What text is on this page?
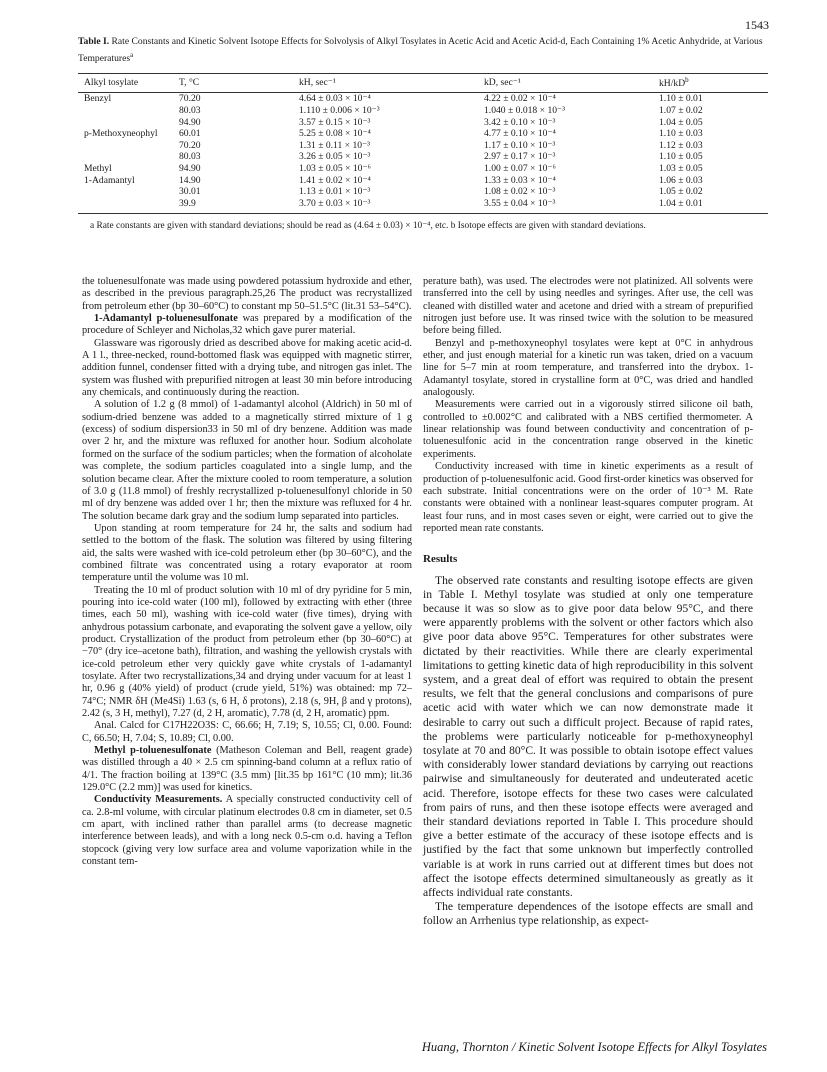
1543
Table I. Rate Constants and Kinetic Solvent Isotope Effects for Solvolysis of Alkyl Tosylates in Acetic Acid and Acetic Acid-d, Each Containing 1% Acetic Anhydride, at Various Temperatures$^a$
Alkyl tosylate	T, °C	kH, sec⁻¹	kD, sec⁻¹	$kH/kD^b$
Benzyl	70.20	4.64 ± 0.03 × 10⁻⁴	4.22 ± 0.02 × 10⁻⁴	1.10 ± 0.01
	80.03	1.110 ± 0.006 × 10⁻³	1.040 ± 0.018 × 10⁻³	1.07 ± 0.02
	94.90	3.57 ± 0.15 × 10⁻³	3.42 ± 0.10 × 10⁻³	1.04 ± 0.05
p-Methoxyneophyl	60.01	5.25 ± 0.08 × 10⁻⁴	4.77 ± 0.10 × 10⁻⁴	1.10 ± 0.03
	70.20	1.31 ± 0.11 × 10⁻³	1.17 ± 0.10 × 10⁻³	1.12 ± 0.03
	80.03	3.26 ± 0.05 × 10⁻³	2.97 ± 0.17 × 10⁻³	1.10 ± 0.05
Methyl	94.90	1.03 ± 0.05 × 10⁻⁶	1.00 ± 0.07 × 10⁻⁶	1.03 ± 0.05
1-Adamantyl	14.90	1.41 ± 0.02 × 10⁻⁴	1.33 ± 0.03 × 10⁻⁴	1.06 ± 0.03
	30.01	1.13 ± 0.01 × 10⁻³	1.08 ± 0.02 × 10⁻³	1.05 ± 0.02
	39.9	3.70 ± 0.03 × 10⁻³	3.55 ± 0.04 × 10⁻³	1.04 ± 0.01
a Rate constants are given with standard deviations; should be read as (4.64 ± 0.03) × 10⁻⁴, etc. b Isotope effects are given with standard deviations.

the toluenesulfonate was made using powdered potassium hydroxide and ether, as described in the previous paragraph.25,26 The product was recrystallized from petroleum ether (bp 30–60°C) to constant mp 50–51.5°C (lit.31 53–54°C).

1-Adamantyl p-toluenesulfonate was prepared by a modification of the procedure of Schleyer and Nicholas,32 which gave purer material.

Glassware was rigorously dried as described above for making acetic acid-d. A 1 l., three-necked, round-bottomed flask was equipped with magnetic stirrer, addition funnel, condenser fitted with a drying tube, and nitrogen gas inlet. The system was flushed with prepurified nitrogen at least 30 min before introducing any chemicals, and continuously during the reaction.

A solution of 1.2 g (8 mmol) of 1-adamantyl alcohol (Aldrich) in 50 ml of sodium-dried benzene was added to a magnetically stirred mixture of 1 g (excess) of sodium dispersion33 in 50 ml of dry benzene. Addition was made over 2 hr, and the mixture was refluxed for another hour. Sodium alcoholate formed on the surface of the sodium particles; when the formation of alcoholate was complete, the sodium particles coagulated into a single lump, and the solution became clear. After the mixture cooled to room temperature, a solution of 3.0 g (11.8 mmol) of freshly recrystallized p-toluenesulfonyl chloride in 50 ml of dry benzene was added over 1 hr; then the mixture was refluxed for 4 hr. The solution became dark gray and the sodium lump separated into particles.

Upon standing at room temperature for 24 hr, the salts and sodium had settled to the bottom of the flask. The solution was filtered by using filtering aid, the salts were washed with ice-cold petroleum ether (bp 30–60°C), and the combined filtrate was concentrated using a rotary evaporator at room temperature until the volume was 10 ml.

Treating the 10 ml of product solution with 10 ml of dry pyridine for 5 min, pouring into ice-cold water (100 ml), followed by extracting with ether (three times, each 50 ml), washing with ice-cold water (five times), drying with anhydrous potassium carbonate, and evaporating the solvent gave a yellow, oily product. Crystallization of the product from petroleum ether (bp 30–60°C) at −70° (dry ice–acetone bath), filtration, and washing the yellowish crystals with ice-cold petroleum ether very quickly gave white crystals of 1-adamantyl tosylate. After two recrystallizations,34 and drying under vacuum for at least 1 hr, 0.96 g (40% yield) of product (crude yield, 51%) was obtained: mp 72–74°C; NMR δH (Me4Si) 1.63 (s, 6 H, δ protons), 2.18 (s, 9H, β and γ protons), 2.42 (s, 3 H, methyl), 7.27 (d, 2 H, aromatic), 7.78 (d, 2 H, aromatic) ppm.

Anal. Calcd for C17H22O3S: C, 66.66; H, 7.19; S, 10.55; Cl, 0.00. Found: C, 66.50; H, 7.04; S, 10.89; Cl, 0.00.

Methyl p-toluenesulfonate (Matheson Coleman and Bell, reagent grade) was distilled through a 40 × 2.5 cm spinning-band column at a reflux ratio of 4/1. The fraction boiling at 139°C (3.5 mm) [lit.35 bp 161°C (10 mm); lit.36 129.0°C (2.2 mm)] was used for kinetics.

Conductivity Measurements. A specially constructed conductivity cell of ca. 2.8-ml volume, with circular platinum electrodes 0.8 cm in diameter, set 0.5 cm apart, with inclined rather than parallel arms (to decrease magnetic interference between leads), and with a long neck 0.5-cm o.d. having a Teflon stopcock (giving very low surface area and volume vaporization while in the constant tem-

perature bath), was used. The electrodes were not platinized. All solvents were transferred into the cell by using needles and syringes. After use, the cell was cleaned with distilled water and acetone and dried with a stream of prepurified nitrogen just before use. It was rinsed twice with the solution to be measured before being filled.

Benzyl and p-methoxyneophyl tosylates were kept at 0°C in anhydrous ether, and just enough material for a kinetic run was taken, dried on a vacuum line for 5–7 min at room temperature, and transferred into the drybox. 1-Adamantyl tosylate, stored in crystalline form at 0°C, was dried and handled analogously.

Measurements were carried out in a vigorously stirred silicone oil bath, controlled to ±0.002°C and calibrated with a NBS certified thermometer. A linear relationship was found between conductivity and concentration of p-toluenesulfonic acid in the concentration range observed in the kinetic experiments.

Conductivity increased with time in kinetic experiments as a result of production of p-toluenesulfonic acid. Good first-order kinetics was observed for each substrate. Initial concentrations were on the order of 10⁻³ M. Rate constants were obtained with a nonlinear least-squares computer program. At least four runs, and in most cases seven or eight, were carried out to give the reported mean rate constants.

Results

The observed rate constants and resulting isotope effects are given in Table I. Methyl tosylate was studied at only one temperature because it was so slow as to give poor data below 95°C, and there were apparently problems with the solvent or other factors which also give poor data above 95°C. Temperatures for other substrates were dictated by their reactivities. While there are clearly experimental limitations to getting kinetic data of high reproducibility in this solvent system, and a great deal of effort was required to obtain the present results, we felt that the general conclusions and comparisons of pure acetic acid with water which we can now demonstrate made it desirable to carry out such a difficult project. Because of rapid rates, the problems were particularly noticeable for p-methoxyneophyl tosylate at 70 and 80°C. It was possible to obtain isotope effect values with considerably lower standard deviations by carrying out reactions pairwise and simultaneously for deuterated and undeuterated acetic acid. Therefore, isotope effects for these two cases were calculated from pairs of runs, and then these isotope effects were averaged and their standard deviations reported in Table I. This procedure should give a better estimate of the accuracy of these isotope effects and is justified by the fact that some unknown but imperfectly controlled variable is at work in runs carried out at different times but does not affect the isotope effects determined simultaneously as greatly as it affects individual rate constants.

The temperature dependences of the isotope effects are small and follow an Arrhenius type relationship, as expect-

Huang, Thornton / Kinetic Solvent Isotope Effects for Alkyl Tosylates
